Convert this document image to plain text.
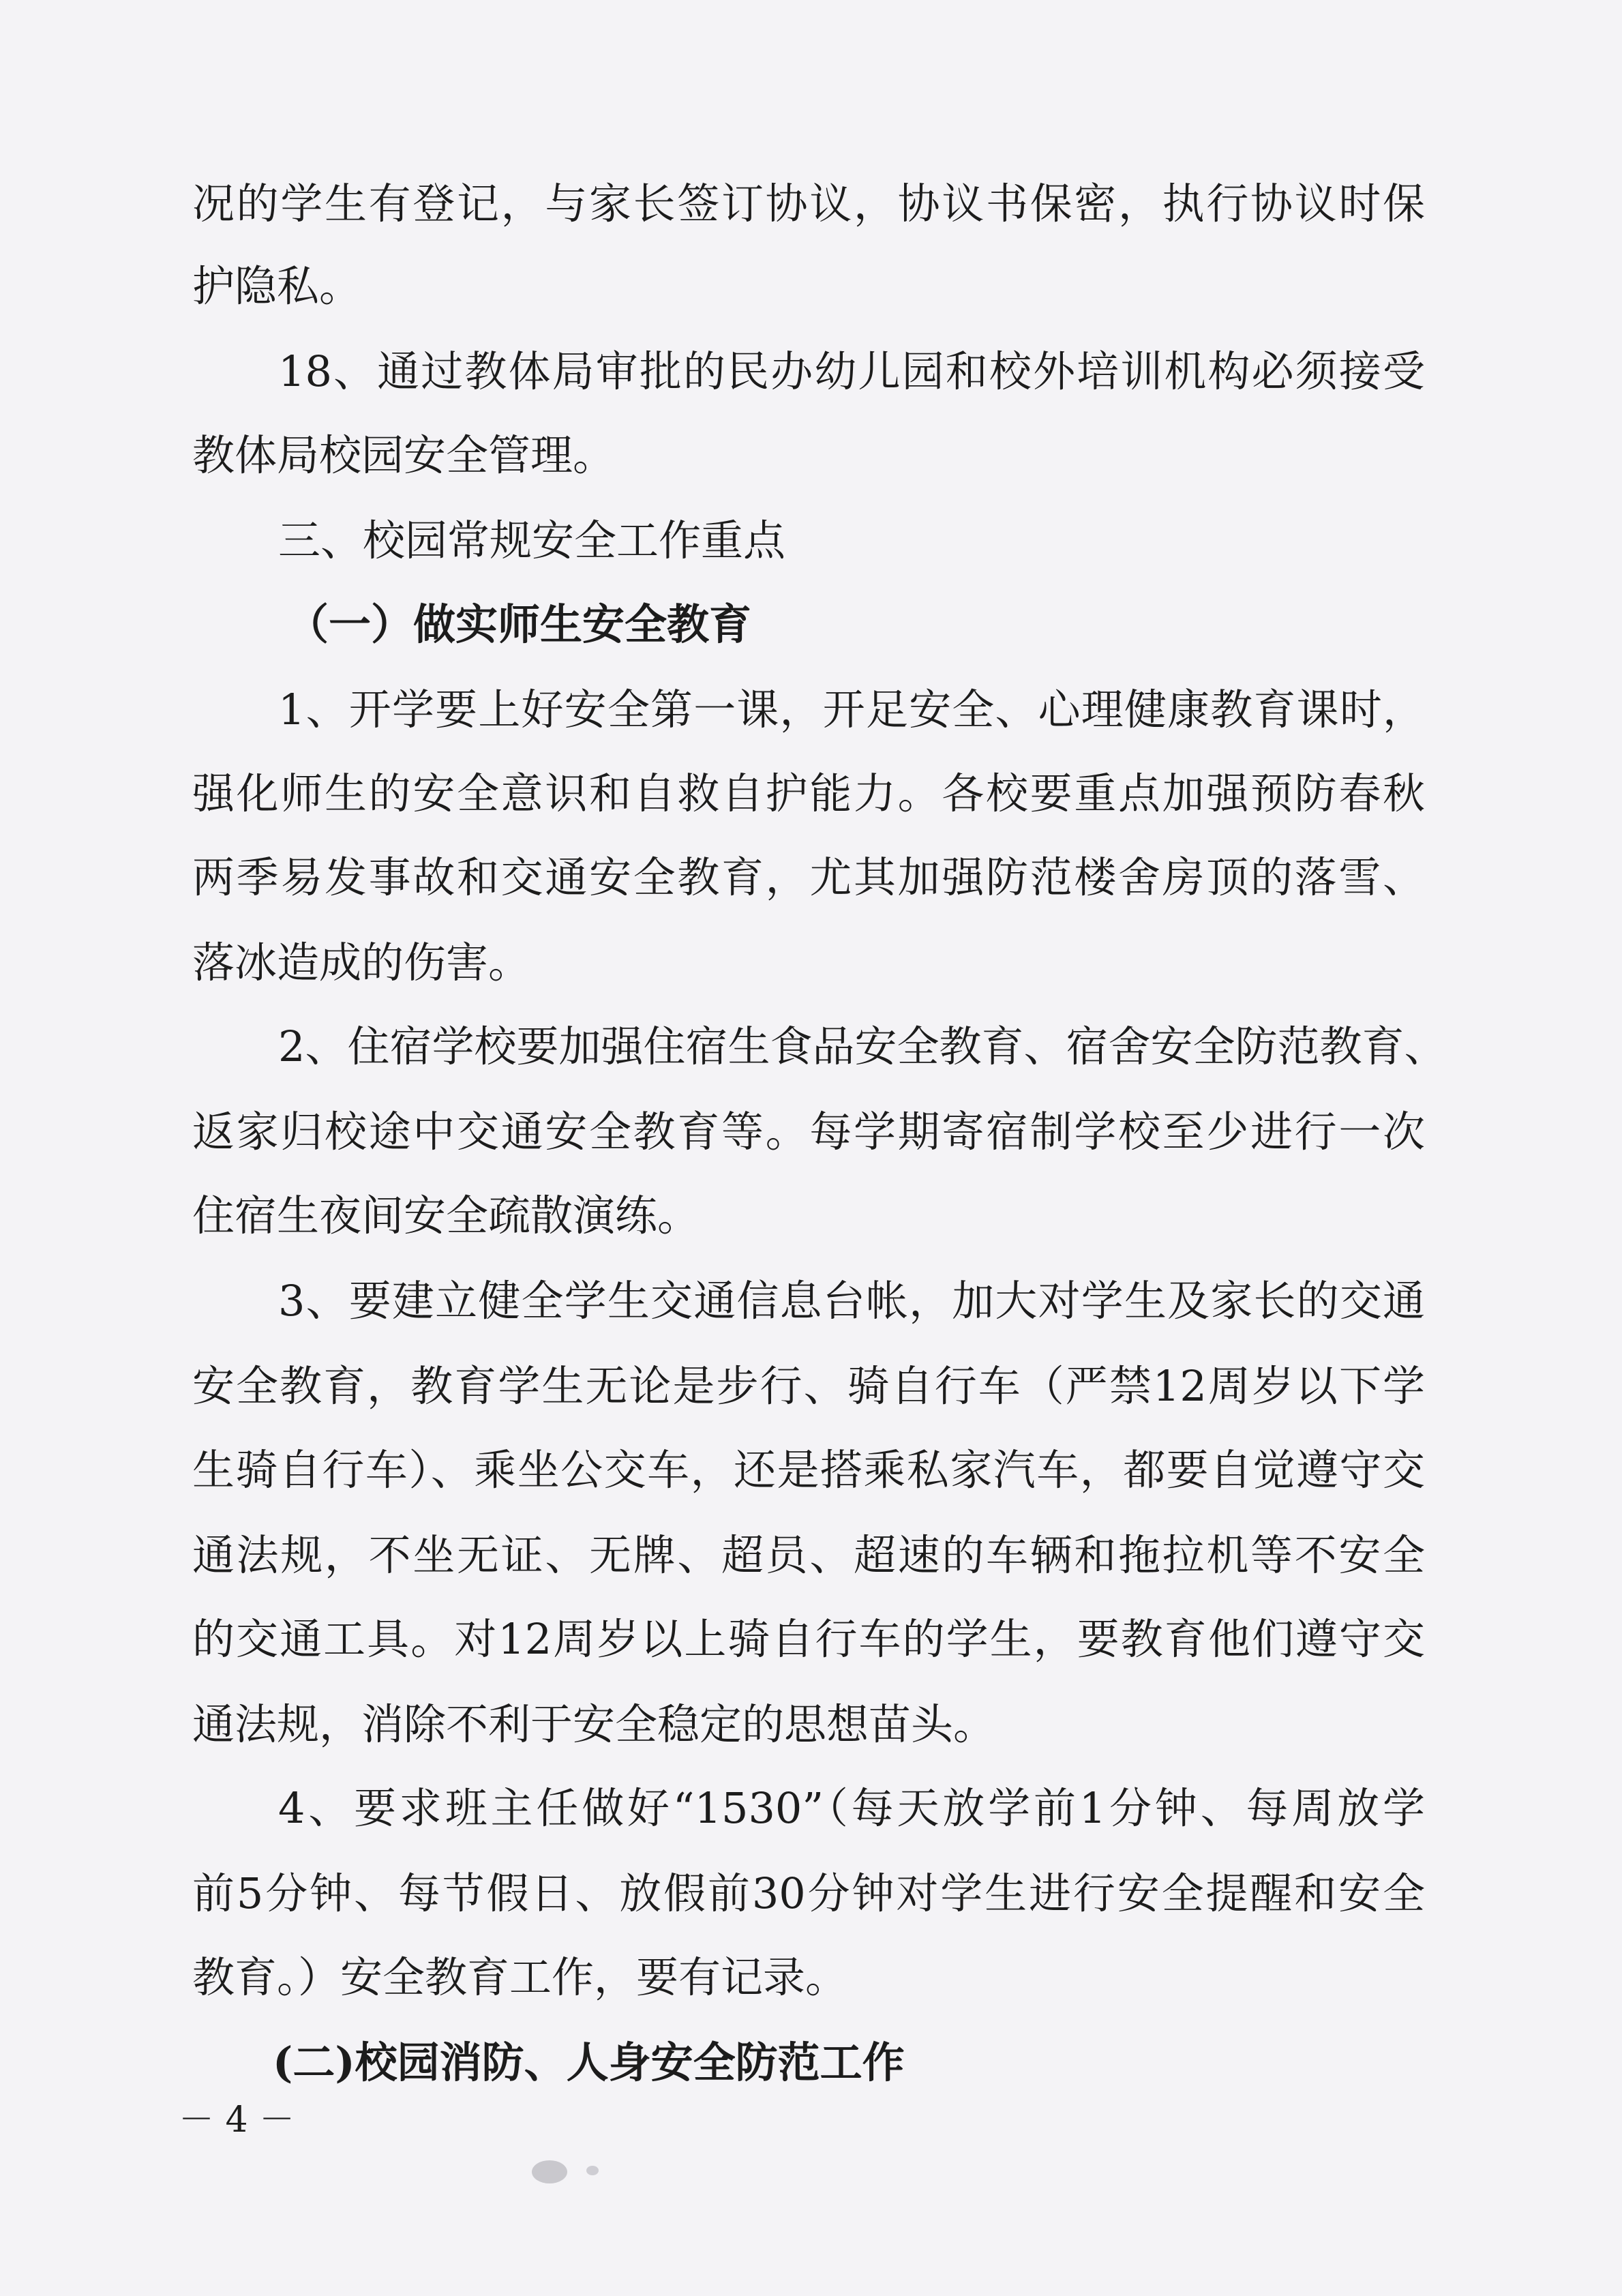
况的学生有登记，与家长签订协议，协议书保密，执行协议时保
护隐私。
18、通过教体局审批的民办幼儿园和校外培训机构必须接受
教体局校园安全管理。
三、校园常规安全工作重点
（一）做实师生安全教育
1、开学要上好安全第一课，开足安全、心理健康教育课时，
强化师生的安全意识和自救自护能力。各校要重点加强预防春秋
两季易发事故和交通安全教育，尤其加强防范楼舍房顶的落雪、
落冰造成的伤害。
2、住宿学校要加强住宿生食品安全教育、宿舍安全防范教育、
返家归校途中交通安全教育等。每学期寄宿制学校至少进行一次
住宿生夜间安全疏散演练。
3、要建立健全学生交通信息台帐，加大对学生及家长的交通
安全教育，教育学生无论是步行、骑自行车（严禁12周岁以下学
生骑自行车）、乘坐公交车，还是搭乘私家汽车，都要自觉遵守交
通法规，不坐无证、无牌、超员、超速的车辆和拖拉机等不安全
的交通工具。对12周岁以上骑自行车的学生，要教育他们遵守交
通法规，消除不利于安全稳定的思想苗头。
4、要求班主任做好“1530”（每天放学前1分钟、每周放学
前5分钟、每节假日、放假前30分钟对学生进行安全提醒和安全
教育。）安全教育工作，要有记录。
(二)校园消防、人身安全防范工作
－ 4 －
